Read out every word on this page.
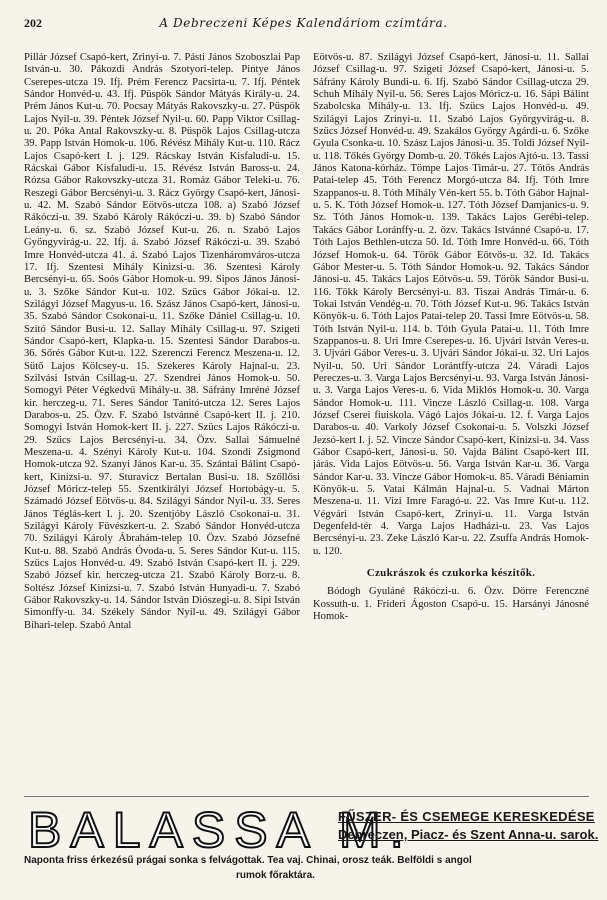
202	A Debreczeni Képes Kalendáriom czimtára.

Pillár József Csapó-kert, Zrinyi-u. 7. Pásti János Szoboszlai Pap István-u. 30. Pákozdi András Szotyori-telep. Pintye János Cserepes-utcza 19. Ifj. Prém Ferencz Pacsirta-u. 7. Ifj. Péntek Sándor Honvéd-u. 43. Ifj. Püspök Sándor Mátyás Király-u. 24. Prém János Kut-u. 70. Pocsay Mátyás Rakovszky-u. 27. Püspök Lajos Nyil-u. 39. Péntek József Nyil-u. 60. Papp Viktor Csillag-u. 20. Póka Antal Rakovszky-u. 8. Püspök Lajos Csillag-utcza 39. Papp István Homok-u. 106. Révész Mihály Kut-u. 110. Rácz Lajos Csapó-kert I. j. 129. Rácskay István Kisfaludi-u. 15. Rácskai Gábor Kisfaludi-u. 15. Révész István Baross-u. 24. Rózsa Gábor Rakovszky-utcza 31. Romáz Gábor Teleki-u. 76. Reszegi Gábor Bercsényi-u. 3. Rácz György Csapó-kert, Jánosi-u. 42. M. Szabó Sándor Eötvös-utcza 108. a) Szabó József Rákóczi-u. 39. Szabó Károly Rákóczi-u. 39. b) Szabó Sándor Leány-u. 6. sz. Szabó József Kut-u. 26. n. Szabó Lajos Gyöngyvirág-u. 22. Ifj. á. Szabó József Rákóczi-u. 39. Szabó Imre Honvéd-utcza 41. á. Szabó Lajos Tizenháromváros-utcza 17. Ifj. Szentesi Mihály Kinizsi-u. 36. Szentesi Károly Bercsényi-u. 65. Soós Gábor Homok-u. 99. Sipos János Jánosi-u. 3. Szőke Sándor Kut-u. 102. Szücs Gábor Jókai-u. 12. Szilágyi József Magyus-u. 16. Szász János Csapó-kert, Jánosi-u. 35. Szabó Sándor Csokonai-u. 11. Szőke Dániel Csillag-u. 10. Szitó Sándor Busi-u. 12. Sallay Mihály Csillag-u. 97. Szigeti Sándor Csapó-kert, Klapka-u. 15. Szentesi Sándor Darabos-u. 36. Sőrés Gábor Kut-u. 122. Szerenczi Ferencz Meszena-u. 12. Sütő Lajos Kölcsey-u. 15. Szekeres Károly Hajnal-u. 23. Szilvási István Csillag-u. 27. Szendrei János Homok-u. 50. Somogyi Péter Végkedvű Mihály-u. 38. Sáfrány Imréné József kir. herczeg-u. 71. Seres Sándor Tanitó-utcza 12. Seres Lajos Darabos-u. 25. Özv. F. Szabó Istvánné Csapó-kert II. j. 210. Somogyi István Homok-kert II. j. 227. Szücs Lajos Rákóczi-u. 29. Szücs Lajos Bercsényi-u. 34. Özv. Sallai Sámuelné Meszena-u. 4. Szényi Károly Kut-u. 104. Szondi Zsigmond Homok-utcza 92. Szanyi János Kar-u. 35. Szántai Bálint Csapó-kert, Kinizsi-u. 97. Sturavicz Bertalan Busi-u. 18. Szőllősi József Móricz-telep 55. Szentkirályi József Hortobágy-u. 5. Számadó József Eötvös-u. 84. Szilágyi Sándor Nyil-u. 33. Seres János Téglás-kert I. j. 20. Szentjóby László Csokonai-u. 31. Szilágyi Károly Füvészkert-u. 2. Szabó Sándor Honvéd-utcza 70. Szilágyi Károly Ábrahám-telep 10. Özv. Szabó Józsefné Kut-u. 88. Szabó András Óvoda-u. 5. Seres Sándor Kut-u. 115. Szücs Lajos Honvéd-u. 49. Szabó István Csapó-kert II. j. 229. Szabó József kir. herczeg-utcza 21. Szabó Károly Borz-u. 8. Soltész József Kinizsi-u. 7. Szabó István Hunyadi-u. 7. Szabó Gábor Rakovszky-u. 14. Sándor István Diószegi-u. 8. Sipi István Simonffy-u. 34. Székely Sándor Nyil-u. 49. Szilágyi Gábor Bihari-telep. Szabó Antal

Eötvös-u. 87. Szilágyi József Csapó-kert, Jánosi-u. 11. Sallai József Csillag-u. 97. Szigeti József Csapó-kert, Jánosi-u. 5. Sáfrány Károly Bundi-u. 6. Ifj. Szabó Sándor Csillag-utcza 29. Schuh Mihály Nyil-u. 56. Seres Lajos Móricz-u. 16. Sápi Bálint Szabolcska Mihály-u. 13. Ifj. Szücs Lajos Honvéd-u. 49. Szilágyi Lajos Zrinyi-u. 11. Szabó Lajos Györgyvirág-u. 8. Szücs József Honvéd-u. 49. Szakálos György Agárdi-u. 6. Szőke Gyula Csonka-u. 10. Szász Lajos Jánosi-u. 35. Toldi József Nyil-u. 118. Tőkés György Domb-u. 20. Tőkés Lajos Ajtó-u. 13. Tassi János Katona-kórház. Tömpe Lajos Timár-u. 27. Tötös András Patai-telep 45. Tóth Ferencz Morgó-utcza 84. Ifj. Tóth Imre Szappanos-u. 8. Tóth Mihály Vén-kert 55. b. Tóth Gábor Hajnal-u. 5. K. Tóth József Homok-u. 127. Tóth József Damjanics-u. 9. Sz. Tóth János Homok-u. 139. Takács Lajos Gerébi-telep. Takács Gábor Loránffy-u. 2. özv. Takács Istvánné Csapó-u. 17. Tóth Lajos Bethlen-utcza 50. Id. Tóth Imre Honvéd-u. 66. Tóth József Homok-u. 64. Török Gábor Eötvös-u. 32. Id. Takács Gábor Mester-u. 5. Tóth Sándor Homok-u. 92. Takács Sándor Jánosi-u. 45. Takács Lajos Eötvös-u. 59. Török Sándor Busi-u. 116. Tökk Károly Bercsényi-u. 83. Tiszai András Timár-u. 6. Tokai István Vendég-u. 70. Tóth József Kut-u. 96. Takács István Könyök-u. 6. Tóth Lajos Patai-telep 20. Tassi Imre Eötvös-u. 58. Tóth István Nyil-u. 114. b. Tóth Gyula Patai-u. 11. Tóth Imre Szappanos-u. 8. Uri Imre Cserepes-u. 16. Ujvári István Veres-u. 3. Ujvári Gábor Veres-u. 3. Ujvári Sándor Jókai-u. 32. Uri Lajos Nyil-u. 50. Uri Sándor Lorántffy-utcza 24. Váradi Lajos Pereczes-u. 3. Varga Lajos Bercsényi-u. 93. Varga István Jánosi-u. 3. Varga Lajos Veres-u. 6. Vida Miklós Homok-u. 30. Varga Sándor Homok-u. 111. Vincze László Csillag-u. 108. Varga József Cserei fiuiskola. Vágó Lajos Jókai-u. 12. f. Varga Lajos Darabos-u. 40. Varkoly József Csokonai-u. 5. Volszki József Jezsó-kert I. j. 52. Vincze Sándor Csapó-kert, Kinizsi-u. 34. Vass Gábor Csapó-kert, Jánosi-u. 50. Vajda Bálint Csapó-kert III. járás. Vida Lajos Eötvös-u. 56. Varga István Kar-u. 36. Varga Sándor Kar-u. 33. Vincze Gábor Homok-u. 85. Váradi Béniamin Könyök-u. 5. Vatai Kálmán Hajnal-u. 5. Vadnai Márton Meszena-u. 11. Vizi Imre Faragó-u. 22. Vas Imre Kut-u. 112. Végvári István Csapó-kert, Zrinyi-u. 11. Varga István Degenfeld-tér 4. Varga Lajos Hadházi-u. 23. Vas Lajos Bercsényi-u. 23. Zeke László Kar-u. 22. Zsuffa András Homok-u. 120.

Czukrászok és czukorka készitők.

Bódogh Gyuláné Rákóczi-u. 6. Özv. Dörre Ferenczné Kossuth-u. 1. Frideri Ágoston Csapó-u. 15. Harsányi Jánosné Homok-

BALASSA M.
FŰSZER- ÉS CSEMEGE KERESKEDÉSE
Debreczen, Piacz- és Szent Anna-u. sarok.
Naponta friss érkezésű prágai sonka s felvágottak. Tea vaj. Chinai, orosz teák. Belföldi s angol
rumok főraktára.
